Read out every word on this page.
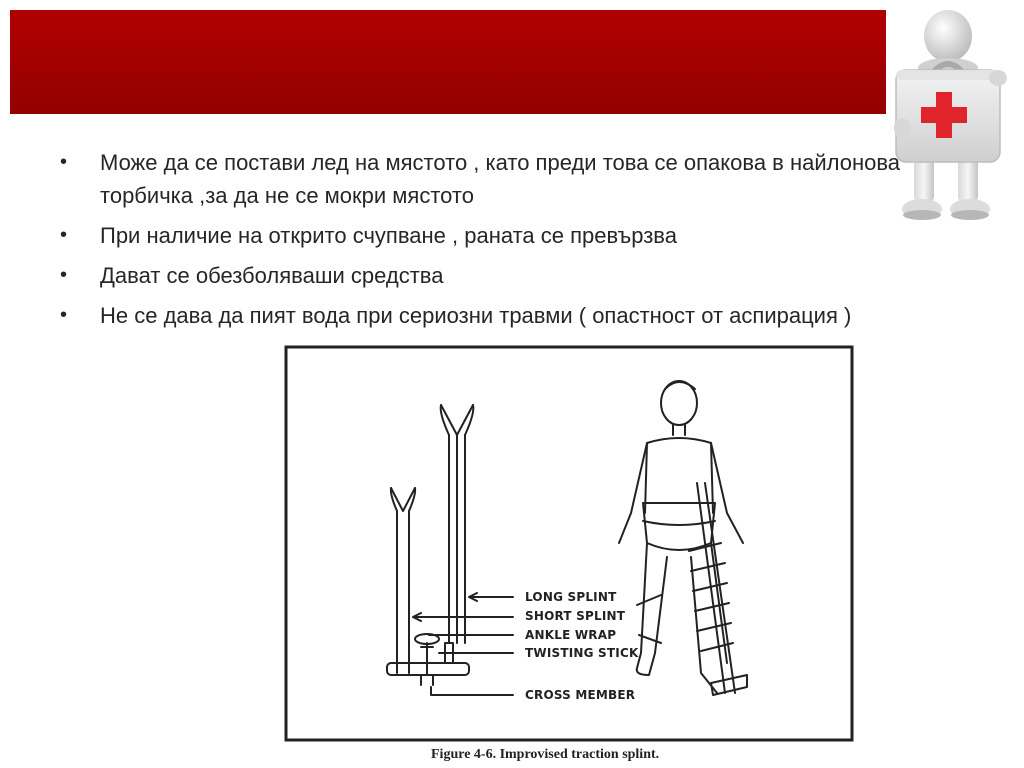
• Може да се постави лед на мястото , като преди това се опакова в найлонова торбичка ,за да не се мокри мястото
• При наличие на открито счупване , раната се превързва
• Дават се обезболяваши средства
• Не се дава да пият вода при сериозни травми ( опастност от аспирация )
LONG SPLINT
SHORT SPLINT
ANKLE WRAP
TWISTING STICK
CROSS MEMBER
Figure 4-6. Improvised traction splint.
